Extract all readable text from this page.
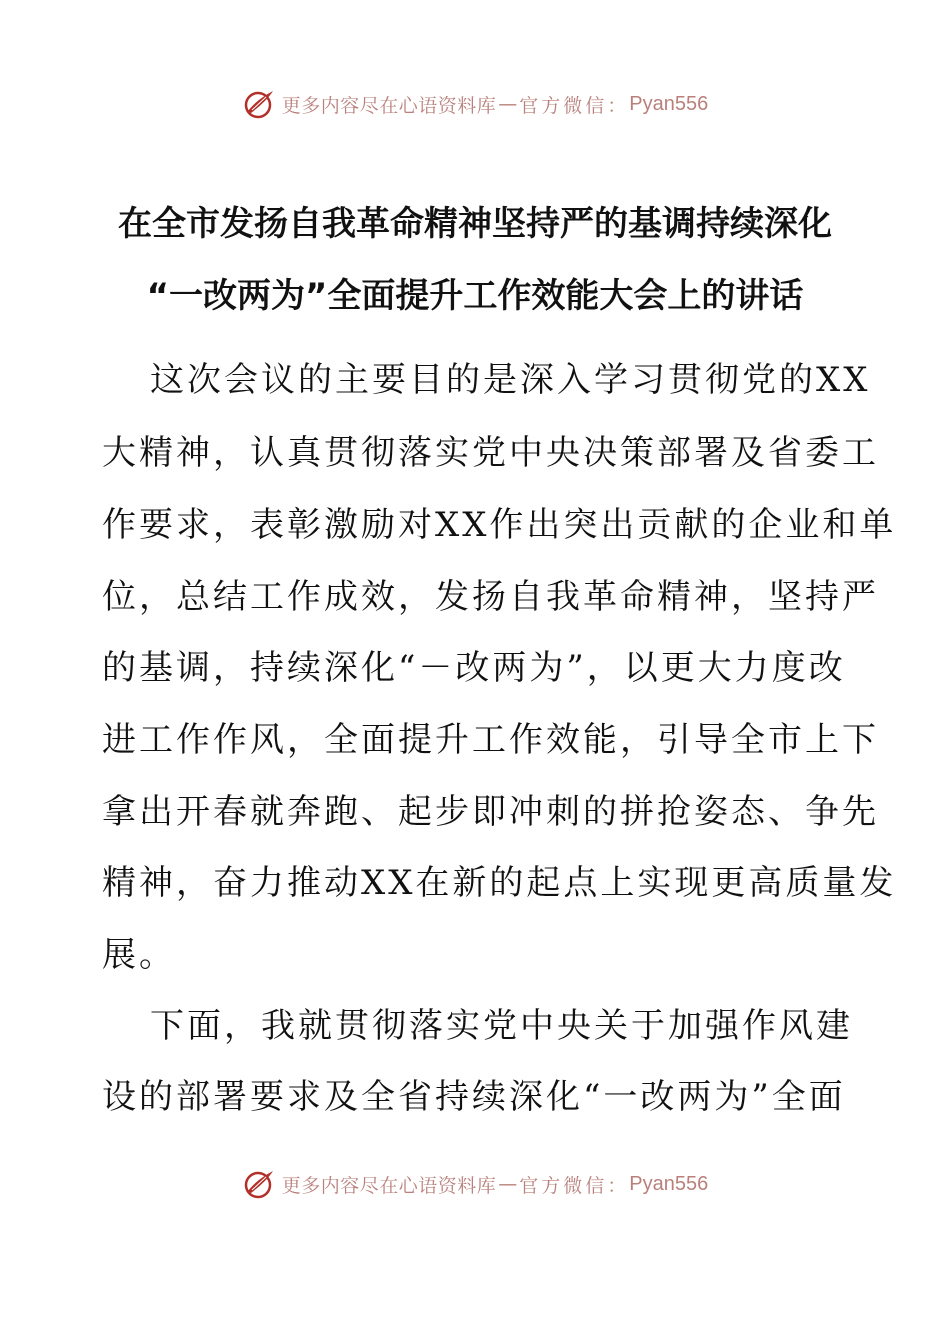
更多内容尽在心语资料库 — 官方微信： Pyan556
在全市发扬自我革命精神坚持严的基调持续深化
“一改两为”全面提升工作效能大会上的讲话
这次会议的主要目的是深入学习贯彻党的XX
大精神，认真贯彻落实党中央决策部署及省委工
作要求，表彰激励对XX作出突出贡献的企业和单
位，总结工作成效，发扬自我革命精神，坚持严
的基调，持续深化“－改两为”，以更大力度改
进工作作风，全面提升工作效能，引导全市上下
拿出开春就奔跑、起步即冲刺的拼抢姿态、争先
精神，奋力推动XX在新的起点上实现更高质量发
展。
下面，我就贯彻落实党中央关于加强作风建
设的部署要求及全省持续深化“一改两为”全面
更多内容尽在心语资料库 — 官方微信： Pyan556
